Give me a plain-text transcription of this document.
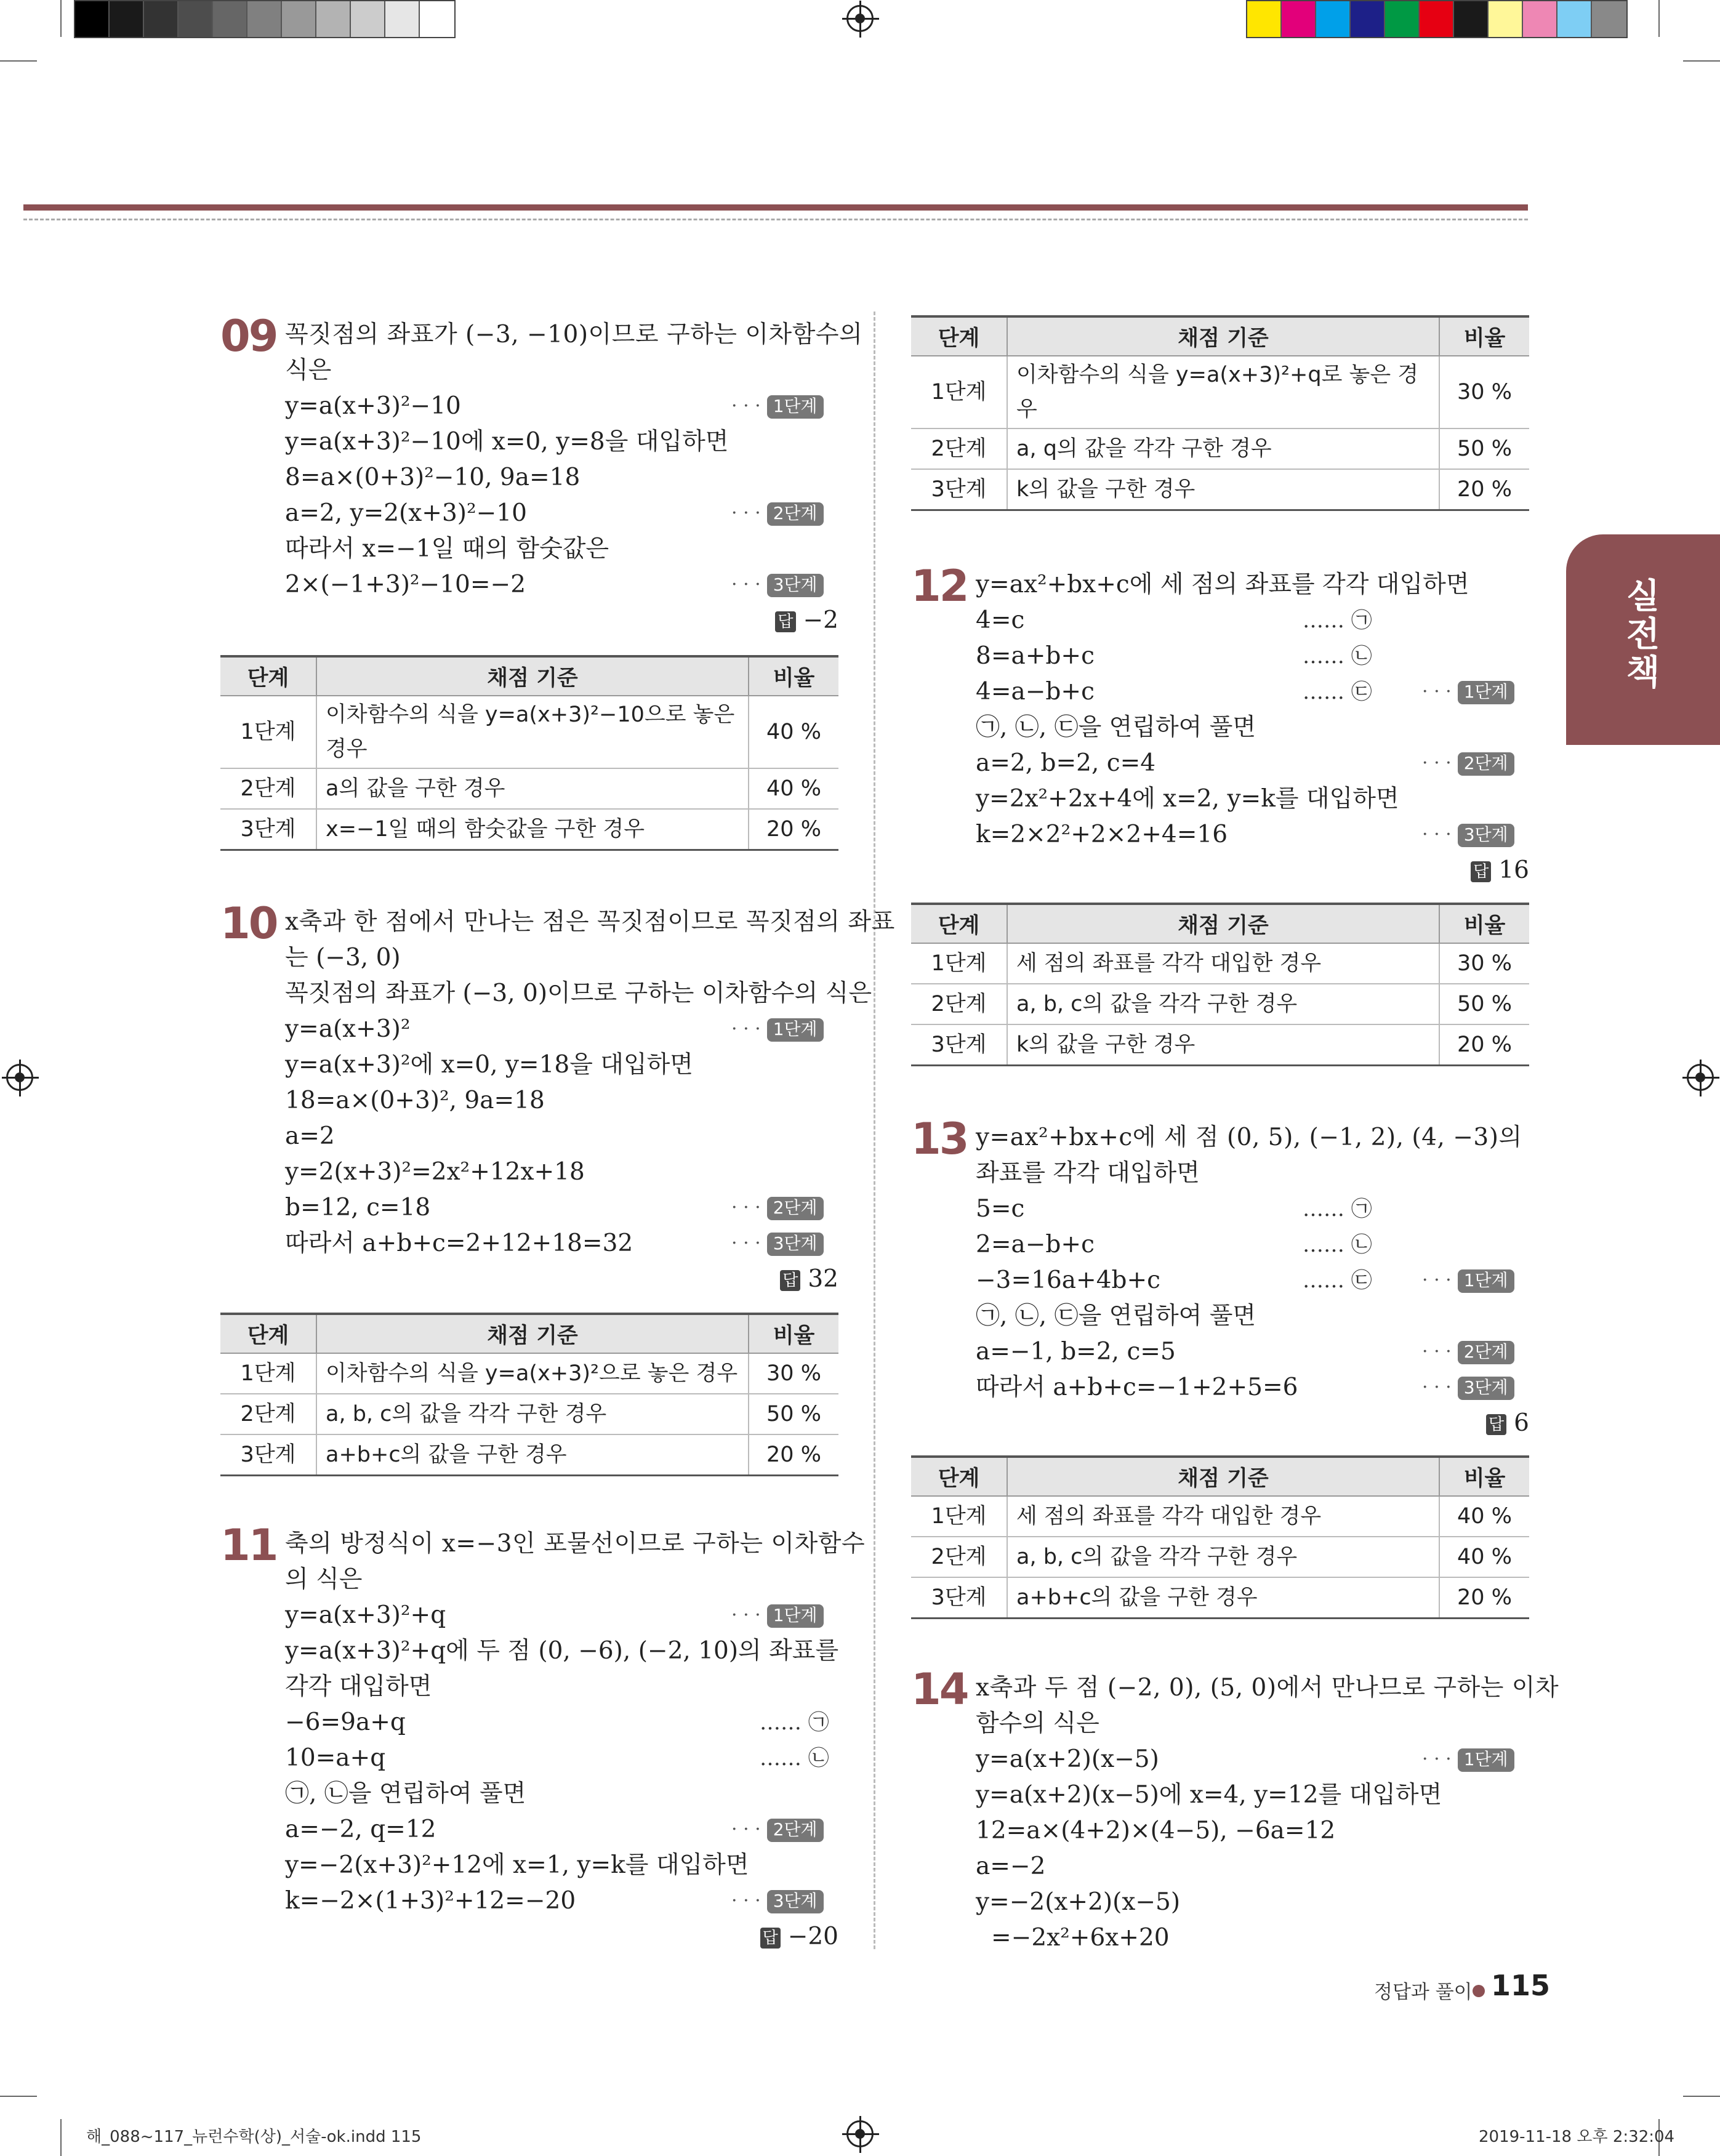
실전책
09 꼭짓점의 좌표가 (−3, −10)이므로 구하는 이차함수의
식은
y=a(x+3)²−10
y=a(x+3)²−10에 x=0, y=8을 대입하면
8=a×(0+3)²−10, 9a=18
a=2, y=2(x+3)²−10
따라서 x=−1일 때의 함숫값은
2×(−1+3)²−10=−2
· · · 1단계
· · · 2단계
· · · 3단계
답 −2
단계	채점 기준	비율
1단계	이차함수의 식을 y=a(x+3)²−10으로 놓은
경우	40 %
2단계	a의 값을 구한 경우	40 %
3단계	x=−1일 때의 함숫값을 구한 경우	20 %
10 x축과 한 점에서 만나는 점은 꼭짓점이므로 꼭짓점의 좌표
는 (−3, 0)
꼭짓점의 좌표가 (−3, 0)이므로 구하는 이차함수의 식은
y=a(x+3)²
y=a(x+3)²에 x=0, y=18을 대입하면
18=a×(0+3)², 9a=18
a=2
y=2(x+3)²=2x²+12x+18
b=12, c=18
따라서 a+b+c=2+12+18=32
· · · 1단계
· · · 2단계
· · · 3단계
답 32
단계	채점 기준	비율
1단계	이차함수의 식을 y=a(x+3)²으로 놓은 경우	30 %
2단계	a, b, c의 값을 각각 구한 경우	50 %
3단계	a+b+c의 값을 구한 경우	20 %
11 축의 방정식이 x=−3인 포물선이므로 구하는 이차함수
의 식은
y=a(x+3)²+q
y=a(x+3)²+q에 두 점 (0, −6), (−2, 10)의 좌표를
각각 대입하면
−6=9a+q
10=a+q
㉠, ㉡을 연립하여 풀면
a=−2, q=12
y=−2(x+3)²+12에 x=1, y=k를 대입하면
k=−2×(1+3)²+12=−20
…… ㉠
…… ㉡
· · · 1단계
· · · 2단계
· · · 3단계
답 −20
단계	채점 기준	비율
1단계	이차함수의 식을 y=a(x+3)²+q로 놓은 경
우	30 %
2단계	a, q의 값을 각각 구한 경우	50 %
3단계	k의 값을 구한 경우	20 %
12 y=ax²+bx+c에 세 점의 좌표를 각각 대입하면
4=c
8=a+b+c
4=a−b+c
㉠, ㉡, ㉢을 연립하여 풀면
a=2, b=2, c=4
y=2x²+2x+4에 x=2, y=k를 대입하면
k=2×2²+2×2+4=16
…… ㉠
…… ㉡
…… ㉢	· · · 1단계
· · · 2단계
· · · 3단계
답 16
단계	채점 기준	비율
1단계	세 점의 좌표를 각각 대입한 경우	30 %
2단계	a, b, c의 값을 각각 구한 경우	50 %
3단계	k의 값을 구한 경우	20 %
13 y=ax²+bx+c에 세 점 (0, 5), (−1, 2), (4, −3)의
좌표를 각각 대입하면
5=c
2=a−b+c
−3=16a+4b+c
㉠, ㉡, ㉢을 연립하여 풀면
a=−1, b=2, c=5
따라서 a+b+c=−1+2+5=6
…… ㉠
…… ㉡
…… ㉢	· · · 1단계
· · · 2단계
· · · 3단계
답 6
단계	채점 기준	비율
1단계	세 점의 좌표를 각각 대입한 경우	40 %
2단계	a, b, c의 값을 각각 구한 경우	40 %
3단계	a+b+c의 값을 구한 경우	20 %
14 x축과 두 점 (−2, 0), (5, 0)에서 만나므로 구하는 이차
함수의 식은
y=a(x+2)(x−5)
y=a(x+2)(x−5)에 x=4, y=12를 대입하면
12=a×(4+2)×(4−5), −6a=12
a=−2
y=−2(x+2)(x−5)
=−2x²+6x+20
· · · 1단계
정답과 풀이 115
해_088~117_뉴런수학(상)_서술-ok.indd 115	2019-11-18 오후 2:32:04
